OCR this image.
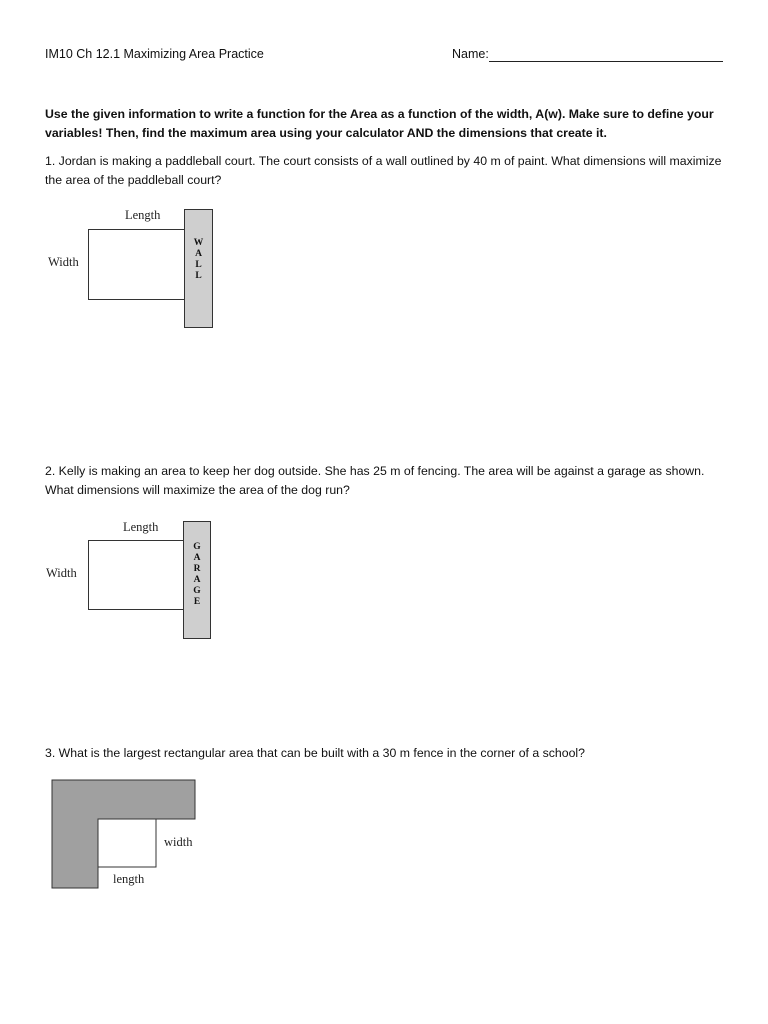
IM10 Ch 12.1 Maximizing Area Practice	Name:
Use the given information to write a function for the Area as a function of the width, A(w). Make sure to define your variables! Then, find the maximum area using your calculator AND the dimensions that create it.
1. Jordan is making a paddleball court. The court consists of a wall outlined by 40 m of paint. What dimensions will maximize the area of the paddleball court?
Length
Width
W
A
L
L
2. Kelly is making an area to keep her dog outside. She has 25 m of fencing. The area will be against a garage as shown. What dimensions will maximize the area of the dog run?
Length
Width
G
A
R
A
G
E
3. What is the largest rectangular area that can be built with a 30 m fence in the corner of a school?
width
length
